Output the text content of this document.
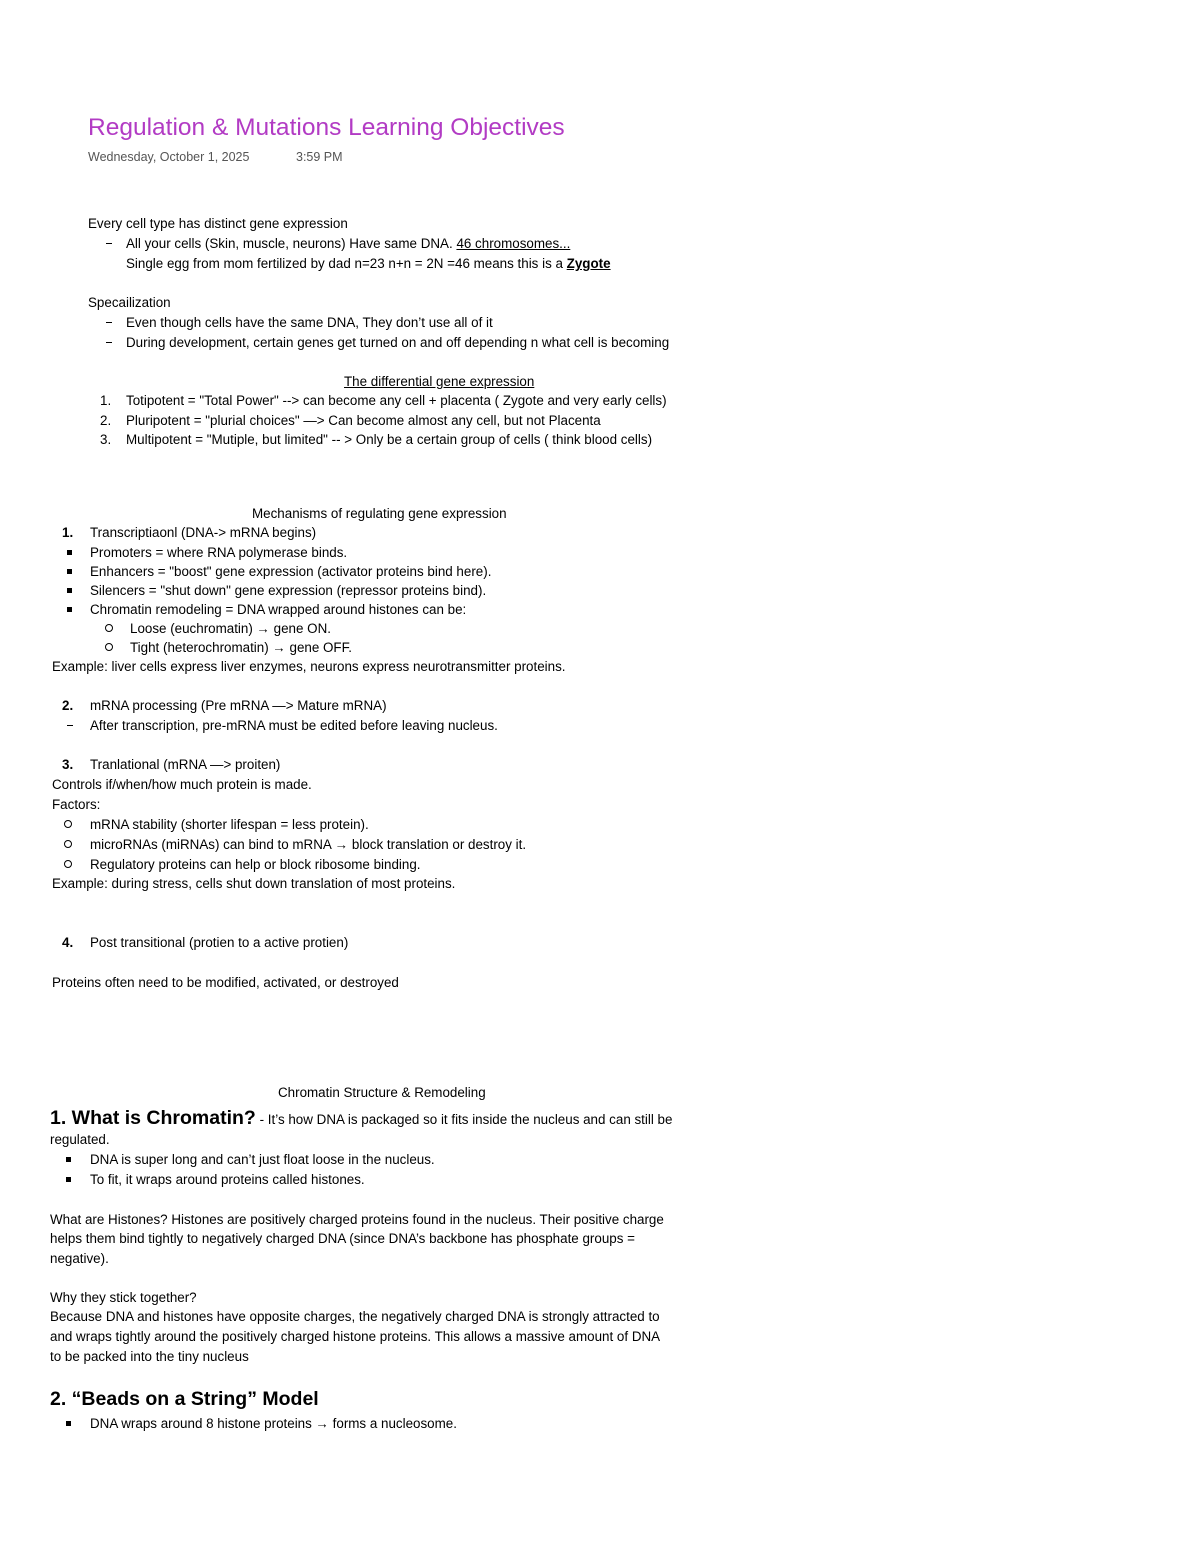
Regulation & Mutations Learning Objectives
Wednesday, October 1, 2025	3:59 PM
Every cell type has distinct gene expression
All your cells (Skin, muscle, neurons) Have same DNA. 46 chromosomes...
Single egg from mom fertilized by dad n=23 n+n = 2N =46 means this is a Zygote
Specailization
Even though cells have the same DNA, They don’t use all of it
During development, certain genes get turned on and off depending n what cell is becoming
The differential gene expression
1. Totipotent = "Total Power" --> can become any cell + placenta ( Zygote and very early cells)
2. Pluripotent = "plurial choices" —> Can become almost any cell, but not Placenta
3. Multipotent = "Mutiple, but limited" -- > Only be a certain group of cells ( think blood cells)
Mechanisms of regulating gene expression
1. Transcriptiaonl (DNA-> mRNA begins)
Promoters = where RNA polymerase binds.
Enhancers = "boost" gene expression (activator proteins bind here).
Silencers = "shut down" gene expression (repressor proteins bind).
Chromatin remodeling = DNA wrapped around histones can be:
Loose (euchromatin) → gene ON.
Tight (heterochromatin) → gene OFF.
Example: liver cells express liver enzymes, neurons express neurotransmitter proteins.
2. mRNA processing (Pre mRNA —> Mature mRNA)
After transcription, pre-mRNA must be edited before leaving nucleus.
3. Tranlational (mRNA —> proiten)
Controls if/when/how much protein is made.
Factors:
mRNA stability (shorter lifespan = less protein).
microRNAs (miRNAs) can bind to mRNA → block translation or destroy it.
Regulatory proteins can help or block ribosome binding.
Example: during stress, cells shut down translation of most proteins.
4. Post transitional (protien to a active protien)
Proteins often need to be modified, activated, or destroyed
Chromatin Structure & Remodeling
1. What is Chromatin? - It’s how DNA is packaged so it fits inside the nucleus and can still be
regulated.
DNA is super long and can’t just float loose in the nucleus.
To fit, it wraps around proteins called histones.
What are Histones? Histones are positively charged proteins found in the nucleus. Their positive charge
helps them bind tightly to negatively charged DNA (since DNA’s backbone has phosphate groups =
negative).
Why they stick together?
Because DNA and histones have opposite charges, the negatively charged DNA is strongly attracted to
and wraps tightly around the positively charged histone proteins. This allows a massive amount of DNA
to be packed into the tiny nucleus
2. “Beads on a String” Model
DNA wraps around 8 histone proteins → forms a nucleosome.
